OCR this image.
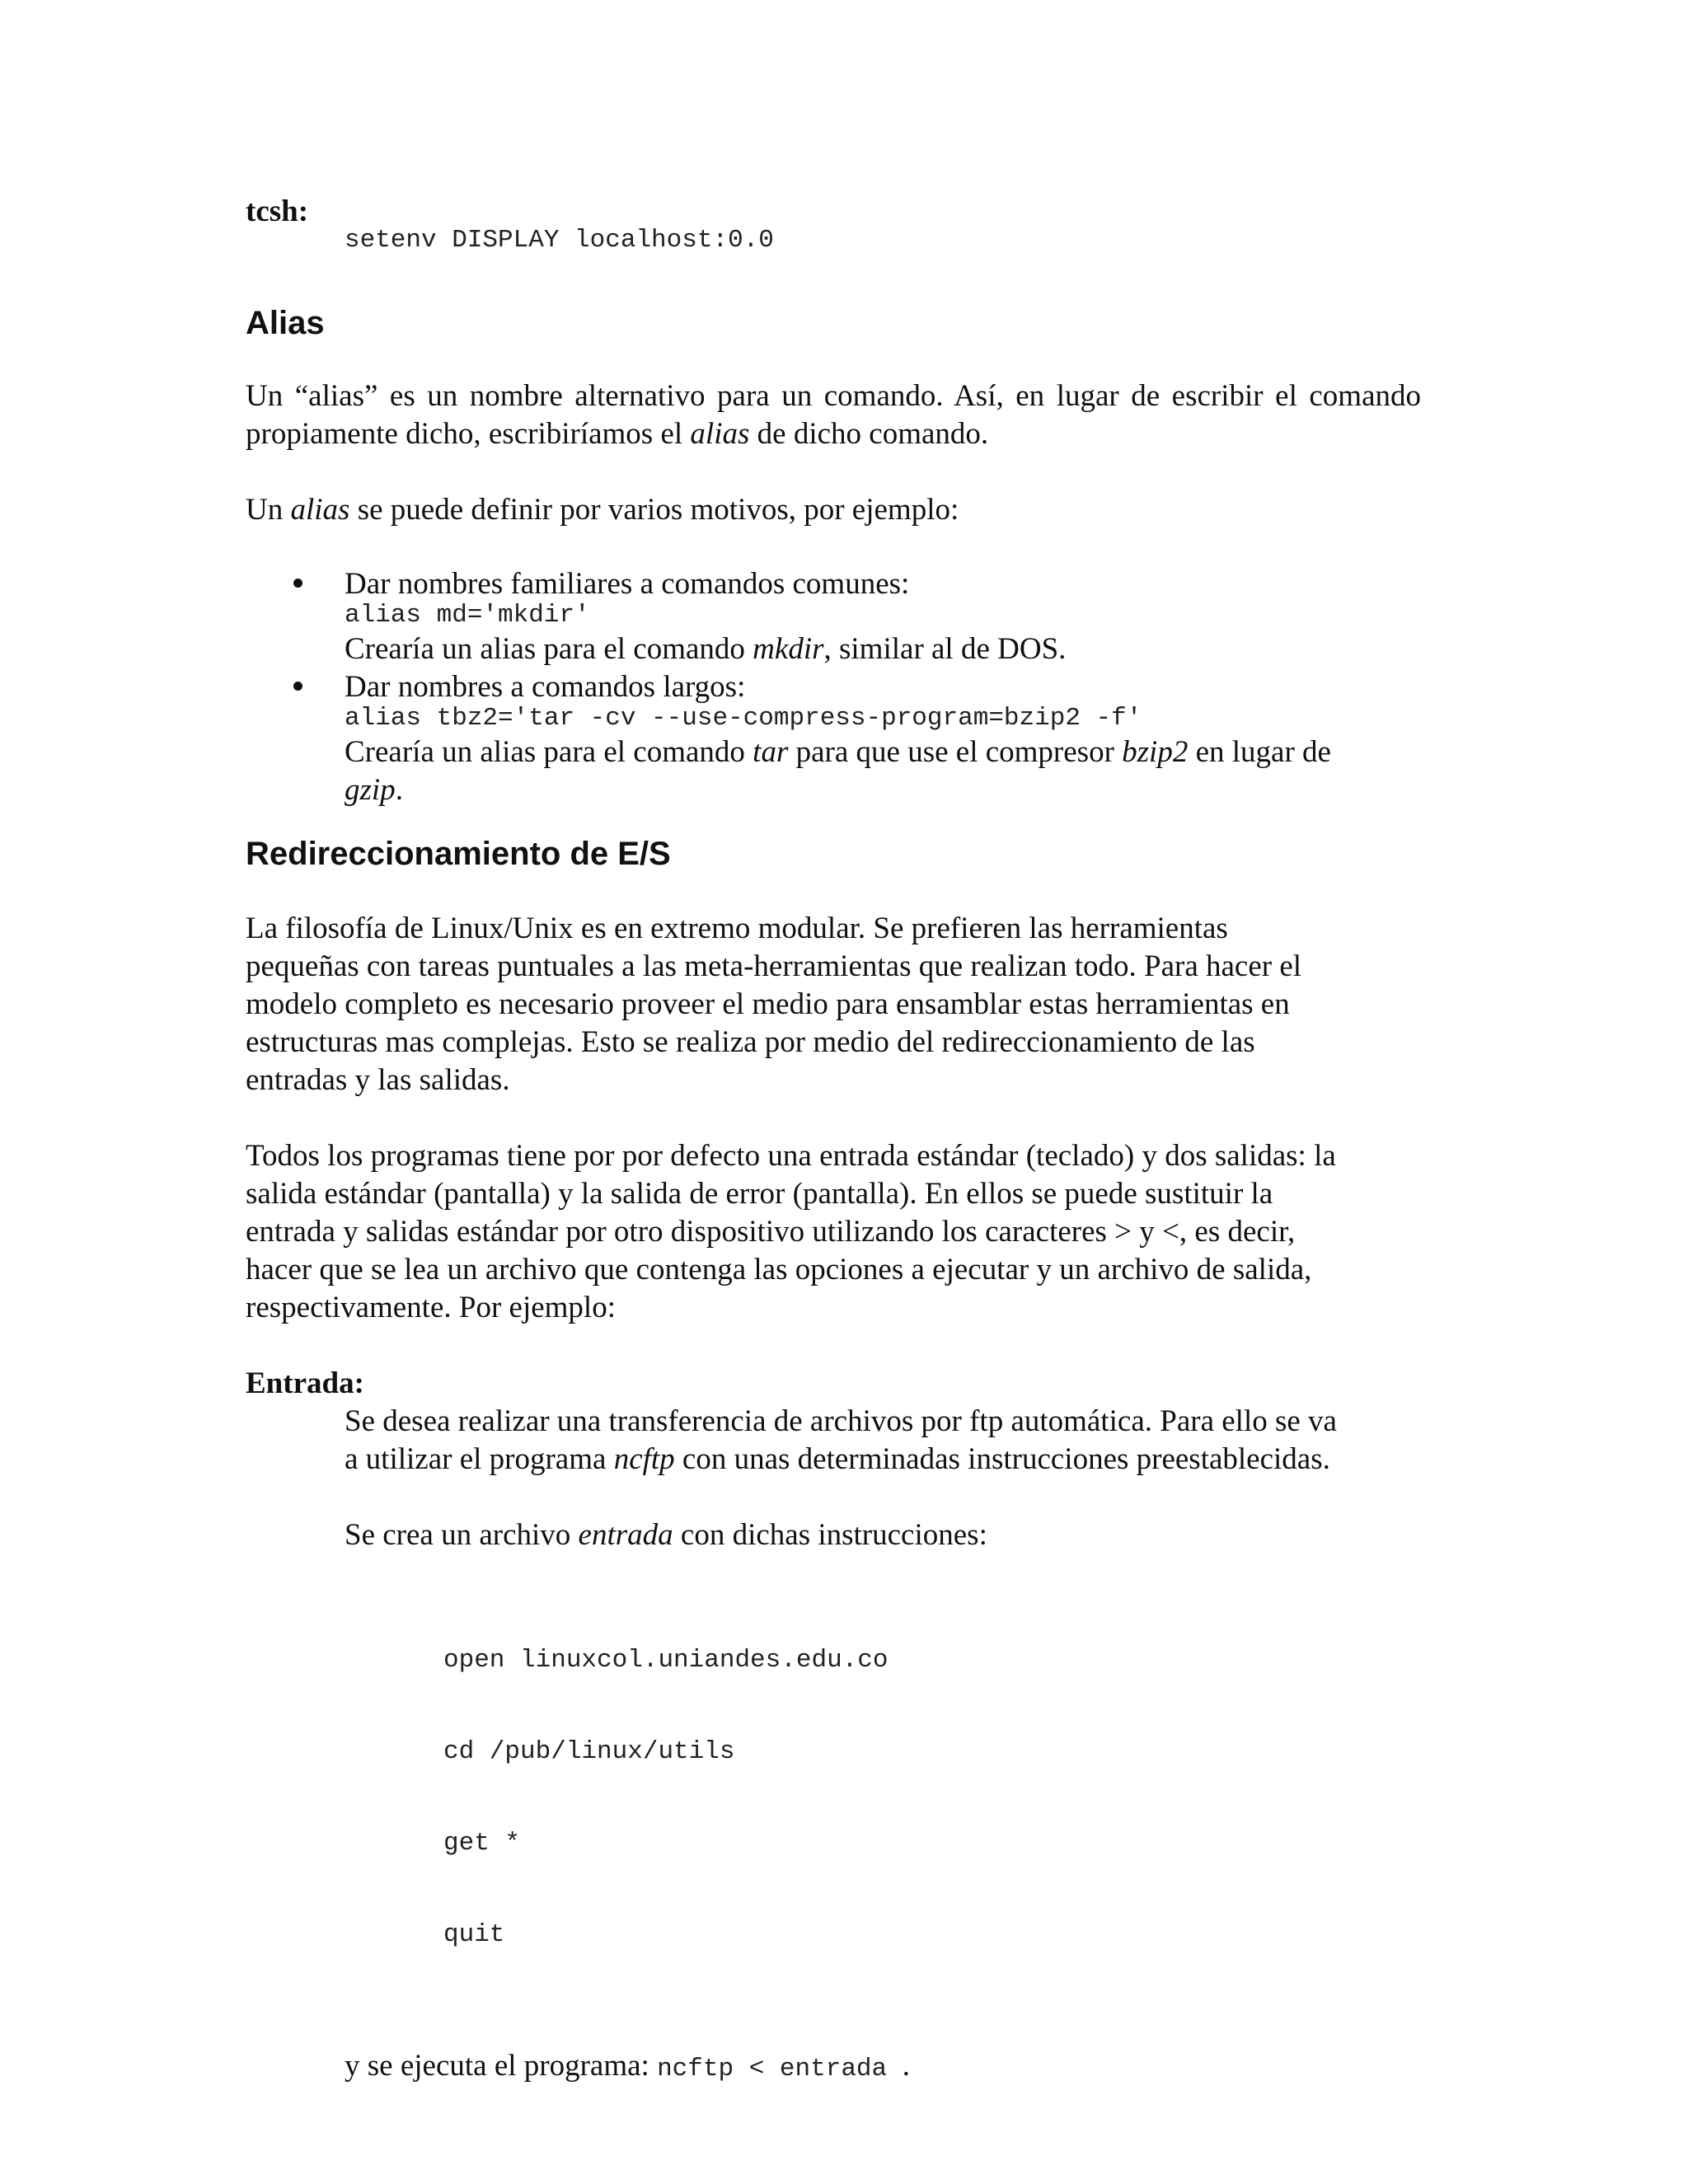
tcsh:
setenv DISPLAY localhost:0.0
Alias

Un “alias” es un nombre alternativo para un comando. Así, en lugar de escribir el comando propiamente dicho, escribiríamos el alias de dicho comando.

Un alias se puede definir por varios motivos, por ejemplo:

Dar nombres familiares a comandos comunes:
alias md='mkdir'
Crearía un alias para el comando mkdir, similar al de DOS.
Dar nombres a comandos largos:
alias tbz2='tar -cv --use-compress-program=bzip2 -f'
Crearía un alias para el comando tar para que use el compresor bzip2 en lugar de gzip.
Redireccionamiento de E/S
La filosofía de Linux/Unix es en extremo modular. Se prefieren las herramientas
pequeñas con tareas puntuales a las meta-herramientas que realizan todo. Para hacer el
modelo completo es necesario proveer el medio para ensamblar estas herramientas en
estructuras mas complejas. Esto se realiza por medio del redireccionamiento de las
entradas y las salidas.
Todos los programas tiene por por defecto una entrada estándar (teclado) y dos salidas: la
salida estándar (pantalla) y la salida de error (pantalla). En ellos se puede sustituir la
entrada y salidas estándar por otro dispositivo utilizando los caracteres > y <, es decir,
hacer que se lea un archivo que contenga las opciones a ejecutar y un archivo de salida,
respectivamente. Por ejemplo:
Entrada:
Se desea realizar una transferencia de archivos por ftp automática. Para ello se va
a utilizar el programa ncftp con unas determinadas instrucciones preestablecidas.
Se crea un archivo entrada con dichas instrucciones:

open linuxcol.uniandes.edu.co

cd /pub/linux/utils

get *

quit

y se ejecuta el programa: ncftp < entrada .
